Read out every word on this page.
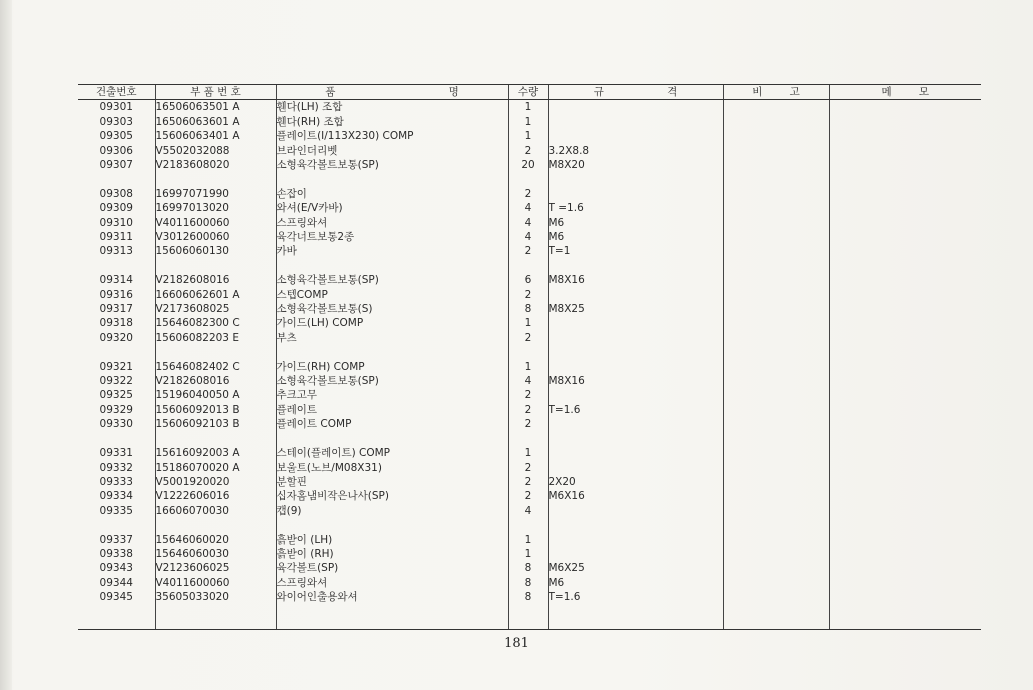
건출번호	부 품 번 호	품 명	수량	규 격	비 고	메 모
09301	16506063501 A	휀다(LH) 조합	1			
09303	16506063601 A	휀다(RH) 조합	1			
09305	15606063401 A	플레이트(I/113X230) COMP	1			
09306	V5502032088	브라인더리벳	2	3.2X8.8		
09307	V2183608020	소형육각볼트보통(SP)	20	M8X20		

09308	16997071990	손잡이	2			
09309	16997013020	와셔(E/V카바)	4	T =1.6		
09310	V4011600060	스프링와셔	4	M6		
09311	V3012600060	육각너트보통2종	4	M6		
09313	15606060130	카바	2	T=1		

09314	V2182608016	소형육각볼트보통(SP)	6	M8X16		
09316	16606062601 A	스텝COMP	2			
09317	V2173608025	소형육각볼트보통(S)	8	M8X25		
09318	15646082300 C	가이드(LH) COMP	1			
09320	15606082203 E	부츠	2			

09321	15646082402 C	가이드(RH) COMP	1			
09322	V2182608016	소형육각볼트보통(SP)	4	M8X16		
09325	15196040050 A	추크고무	2			
09329	15606092013 B	플레이트	2	T=1.6		
09330	15606092103 B	플레이트 COMP	2			

09331	15616092003 A	스테이(플레이트) COMP	1			
09332	15186070020 A	보울트(노브/M08X31)	2			
09333	V5001920020	분할핀	2	2X20		
09334	V1222606016	십자홈냄비작은나사(SP)	2	M6X16		
09335	16606070030	캡(9)	4			

09337	15646060020	흙받이 (LH)	1			
09338	15646060030	흙받이 (RH)	1			
09343	V2123606025	육각볼트(SP)	8	M6X25		
09344	V4011600060	스프링와셔	8	M6		
09345	35605033020	와이어인출용와셔	8	T=1.6		

181
